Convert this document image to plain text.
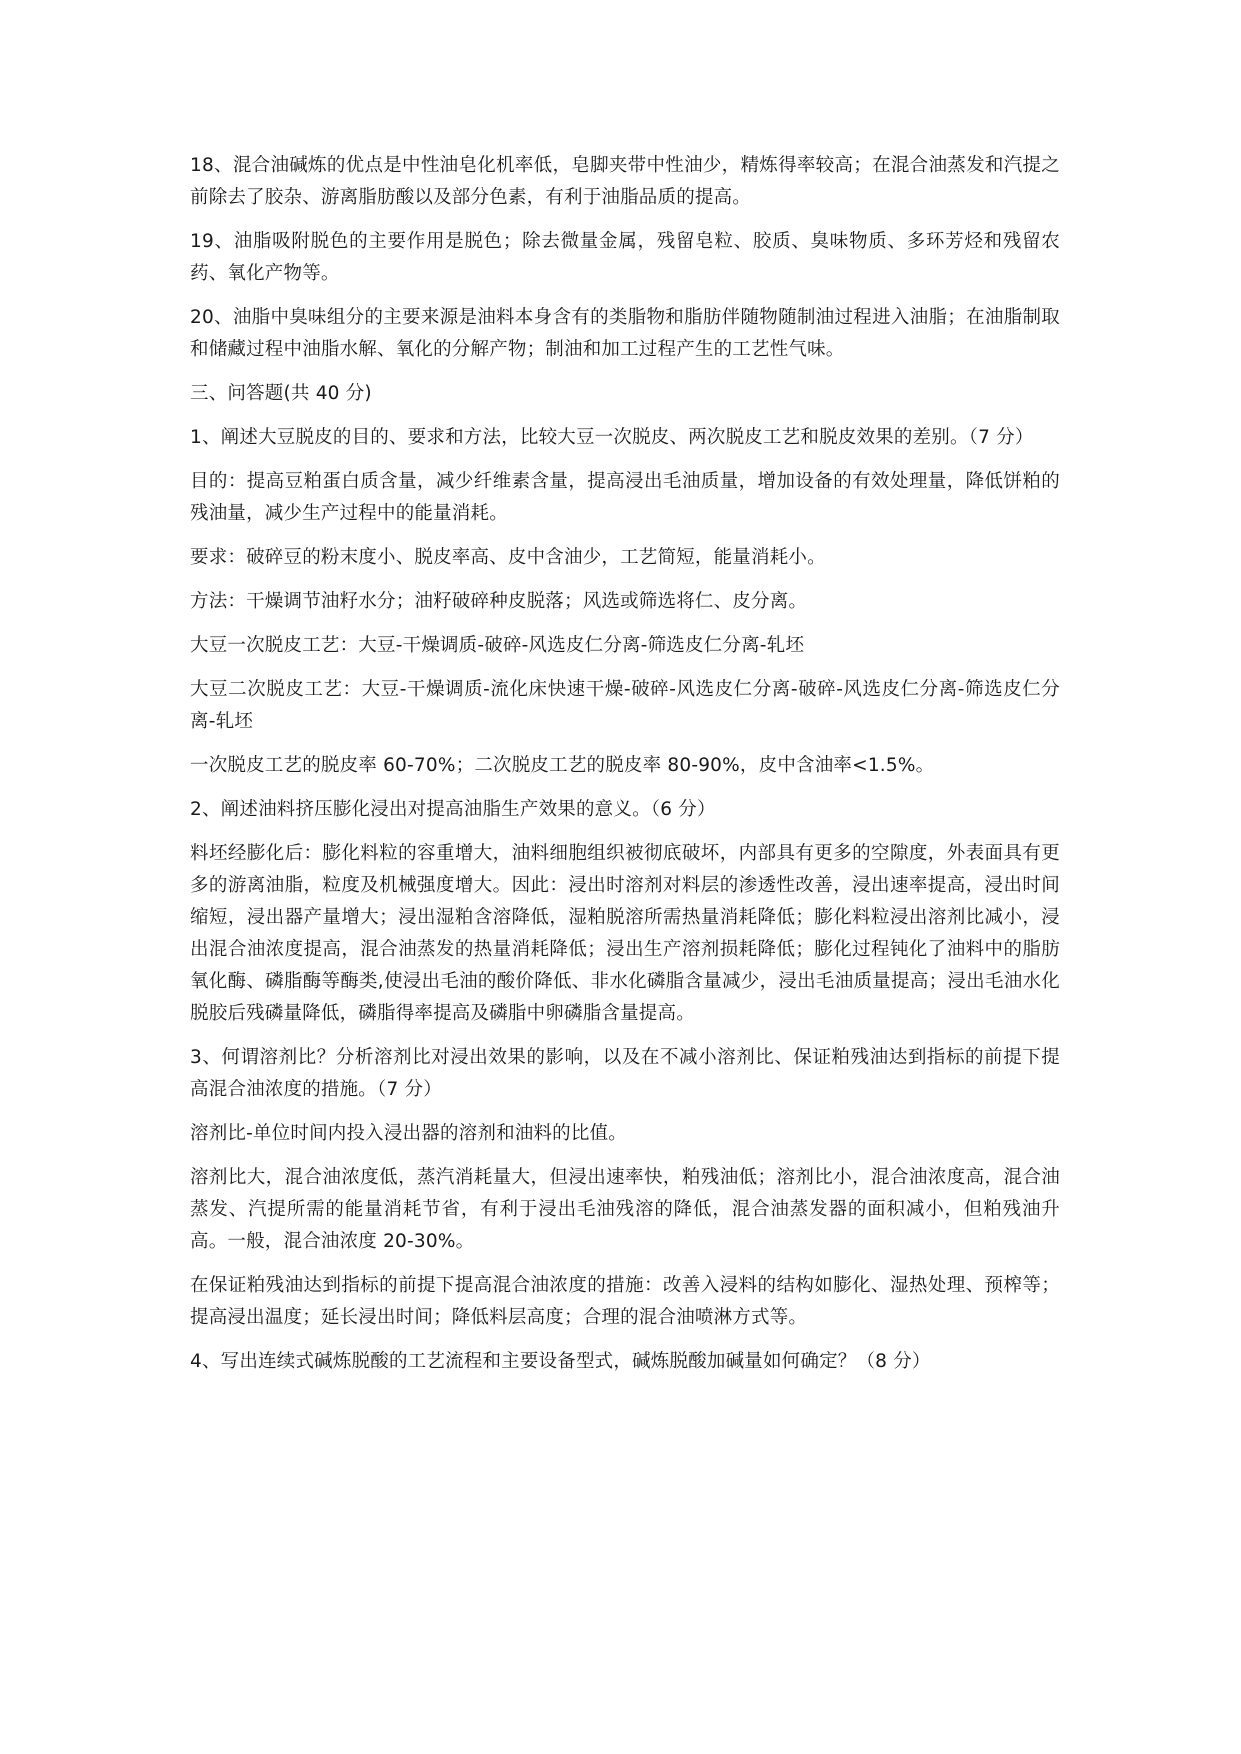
18、混合油碱炼的优点是中性油皂化机率低，皂脚夹带中性油少，精炼得率较高；在混合油蒸发和汽提之前除去了胶杂、游离脂肪酸以及部分色素，有利于油脂品质的提高。

19、油脂吸附脱色的主要作用是脱色；除去微量金属，残留皂粒、胶质、臭味物质、多环芳烃和残留农药、氧化产物等。

20、油脂中臭味组分的主要来源是油料本身含有的类脂物和脂肪伴随物随制油过程进入油脂；在油脂制取和储藏过程中油脂水解、氧化的分解产物；制油和加工过程产生的工艺性气味。

三、问答题(共 40 分)

1、阐述大豆脱皮的目的、要求和方法，比较大豆一次脱皮、两次脱皮工艺和脱皮效果的差别。（7 分）

目的：提高豆粕蛋白质含量，减少纤维素含量，提高浸出毛油质量，增加设备的有效处理量，降低饼粕的残油量，减少生产过程中的能量消耗。

要求：破碎豆的粉末度小、脱皮率高、皮中含油少，工艺简短，能量消耗小。

方法：干燥调节油籽水分；油籽破碎种皮脱落；风选或筛选将仁、皮分离。

大豆一次脱皮工艺：大豆-干燥调质-破碎-风选皮仁分离-筛选皮仁分离-轧坯

大豆二次脱皮工艺：大豆-干燥调质-流化床快速干燥-破碎-风选皮仁分离-破碎-风选皮仁分离-筛选皮仁分离-轧坯

一次脱皮工艺的脱皮率 60-70%；二次脱皮工艺的脱皮率 80-90%，皮中含油率<1.5%。

2、阐述油料挤压膨化浸出对提高油脂生产效果的意义。（6 分）

料坯经膨化后：膨化料粒的容重增大，油料细胞组织被彻底破坏，内部具有更多的空隙度，外表面具有更多的游离油脂，粒度及机械强度增大。因此：浸出时溶剂对料层的渗透性改善，浸出速率提高，浸出时间缩短，浸出器产量增大；浸出湿粕含溶降低，湿粕脱溶所需热量消耗降低；膨化料粒浸出溶剂比减小，浸出混合油浓度提高，混合油蒸发的热量消耗降低；浸出生产溶剂损耗降低；膨化过程钝化了油料中的脂肪氧化酶、磷脂酶等酶类,使浸出毛油的酸价降低、非水化磷脂含量减少，浸出毛油质量提高；浸出毛油水化脱胶后残磷量降低，磷脂得率提高及磷脂中卵磷脂含量提高。

3、何谓溶剂比？分析溶剂比对浸出效果的影响，以及在不减小溶剂比、保证粕残油达到指标的前提下提高混合油浓度的措施。（7 分）

溶剂比-单位时间内投入浸出器的溶剂和油料的比值。

溶剂比大，混合油浓度低，蒸汽消耗量大，但浸出速率快，粕残油低；溶剂比小，混合油浓度高，混合油蒸发、汽提所需的能量消耗节省，有利于浸出毛油残溶的降低，混合油蒸发器的面积减小，但粕残油升高。一般，混合油浓度 20-30%。

在保证粕残油达到指标的前提下提高混合油浓度的措施：改善入浸料的结构如膨化、湿热处理、预榨等；提高浸出温度；延长浸出时间；降低料层高度；合理的混合油喷淋方式等。

4、写出连续式碱炼脱酸的工艺流程和主要设备型式，碱炼脱酸加碱量如何确定？（8 分）
